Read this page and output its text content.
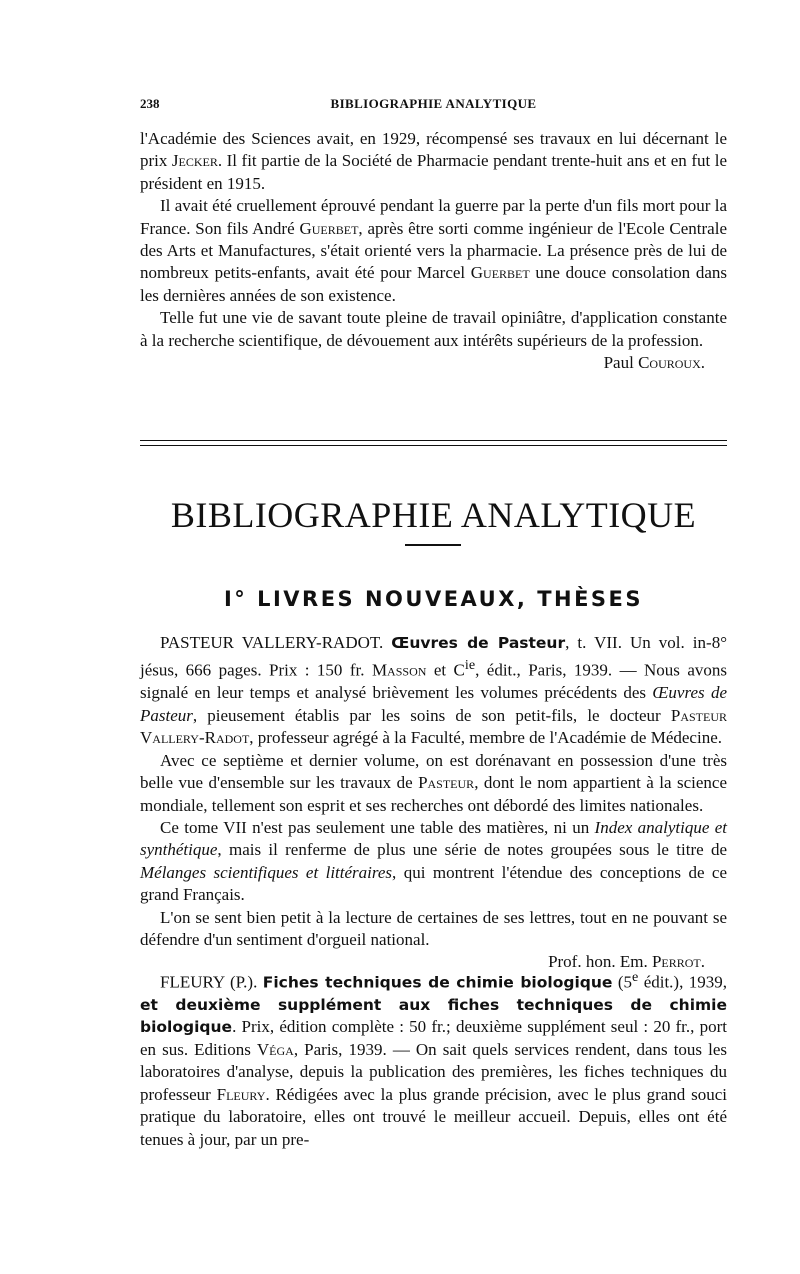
238	BIBLIOGRAPHIE ANALYTIQUE

l'Académie des Sciences avait, en 1929, récompensé ses travaux en lui décernant le prix Jecker. Il fit partie de la Société de Pharmacie pendant trente-huit ans et en fut le président en 1915.

Il avait été cruellement éprouvé pendant la guerre par la perte d'un fils mort pour la France. Son fils André Guerbet, après être sorti comme ingénieur de l'Ecole Centrale des Arts et Manufactures, s'était orienté vers la pharmacie. La présence près de lui de nombreux petits-enfants, avait été pour Marcel Guerbet une douce consolation dans les dernières années de son existence.

Telle fut une vie de savant toute pleine de travail opiniâtre, d'application constante à la recherche scientifique, de dévouement aux intérêts supérieurs de la profession.

Paul Couroux.

BIBLIOGRAPHIE ANALYTIQUE
I° LIVRES NOUVEAUX, THÈSES

PASTEUR VALLERY-RADOT. Œuvres de Pasteur, t. VII. Un vol. in-8° jésus, 666 pages. Prix : 150 fr. Masson et $C^{ie}$, édit., Paris, 1939. — Nous avons signalé en leur temps et analysé brièvement les volumes précédents des Œuvres de Pasteur, pieusement établis par les soins de son petit-fils, le docteur Pasteur Vallery-Radot, professeur agrégé à la Faculté, membre de l'Académie de Médecine.

Avec ce septième et dernier volume, on est dorénavant en possession d'une très belle vue d'ensemble sur les travaux de Pasteur, dont le nom appartient à la science mondiale, tellement son esprit et ses recherches ont débordé des limites nationales.

Ce tome VII n'est pas seulement une table des matières, ni un Index analytique et synthétique, mais il renferme de plus une série de notes groupées sous le titre de Mélanges scientifiques et littéraires, qui montrent l'étendue des conceptions de ce grand Français.

L'on se sent bien petit à la lecture de certaines de ses lettres, tout en ne pouvant se défendre d'un sentiment d'orgueil national.

Prof. hon. Em. Perrot.

FLEURY (P.). Fiches techniques de chimie biologique (5e édit.), 1939, et deuxième supplément aux fiches techniques de chimie biologique. Prix, édition complète : 50 fr.; deuxième supplément seul : 20 fr., port en sus. Editions Véga, Paris, 1939. — On sait quels services rendent, dans tous les laboratoires d'analyse, depuis la publication des premières, les fiches techniques du professeur Fleury. Rédigées avec la plus grande précision, avec le plus grand souci pratique du laboratoire, elles ont trouvé le meilleur accueil. Depuis, elles ont été tenues à jour, par un pre-
